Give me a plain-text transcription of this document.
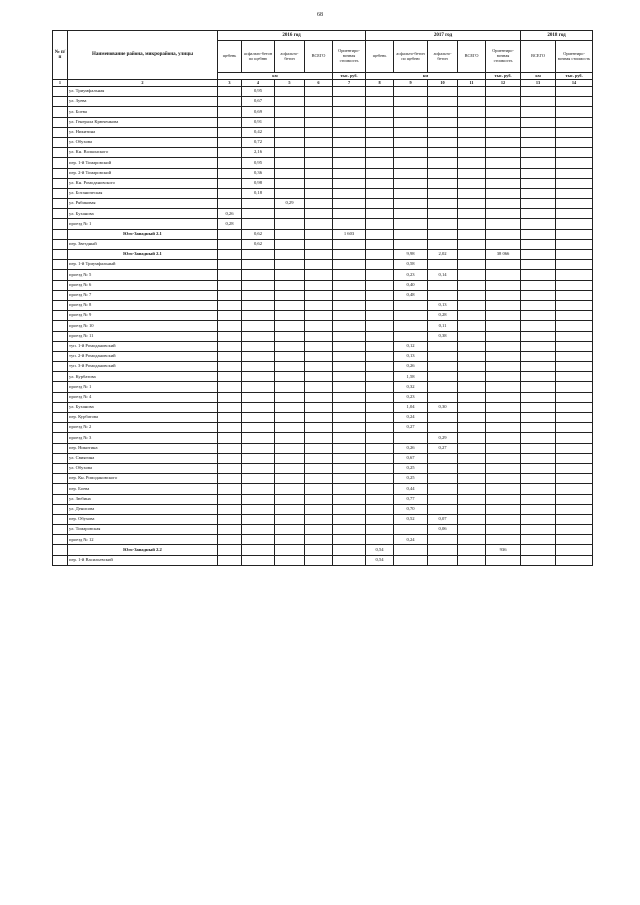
68
№ п/п	Наименование района, микрорайона, улицы	2016 год					2017 год					2018 год	
		щебень	асфальто-бетон по щебню	асфальто-бетон	ВСЕГО	Ориентиро-вочная стоимость	щебень	асфальто-бетон по щебню	асфальто-бетон	ВСЕГО	Ориентиро-вочная стоимость	ВСЕГО	Ориентиро-вочная стоимость
		км				тыс. руб.	км				тыс. руб.	км	тыс. руб.
1	2	3	4	5	6	7	8	9	10	11	12	13	14
	ул. Триумфальная		0,95										
	ул. Зуева		0,67										
	ул. Боева		0,69										
	ул. Генерала Крюченкова		0,91										
	ул. Никитина		0,42										
	ул. Обухова		0,72										
	ул. Кн. Волконского		2,16										
	пер. 1-й Томаровский		0,95										
	пер. 2-й Томаровский		0,36										
	ул. Кн. Ромодановского		0,98										
	ул. Ботаническая		0,18										
	ул. Рябиковая			0,29									
	ул. Буханова	0,26											
	проезд № 1	0,28											
	Юго-Западный 2.1		0,62			1 603							
	пер. Звездный		0,62										
	Юго-Западный 2.1							9,98	2,02		38 066		
	пер. 1-й Триумфальный							0,58					
	проезд № 5							0,23	0,14				
	проезд № 6							0,40					
	проезд № 7							0,48					
	проезд № 8								0,13				
	проезд № 9								0,28				
	проезд № 10								0,11				
	проезд № 11								0,38				
	туп. 1-й Ромодановский							0,12					
	туп. 2-й Ромодановский							0,13					
	туп. 3-й Ромодановский							0,26					
	ул. Курбатова							1,58					
	проезд № 1							0,32					
	проезд № 4							0,23					
	ул. Буханова							1,04	0,30				
	пер. Курбатова							0,24					
	проезд № 2							0,27					
	проезд № 3								0,29				
	пер. Никитина							0,26	0,27				
	ул. Свиягина							0,67					
	ул. Обухова							0,25					
	пер. Кн. Ромодановского							0,25					
	пер. Боева							0,44					
	ул. Зюбина							0,77					
	ул. Денисова							0,70					
	пер. Обухова							0,52	0,07				
	ул. Томаровская								0,06				
	проезд № 12							0,24					
	Юго-Западный 2.2						0,54				936		
	пер. 1-й Васильевский						0,54						
